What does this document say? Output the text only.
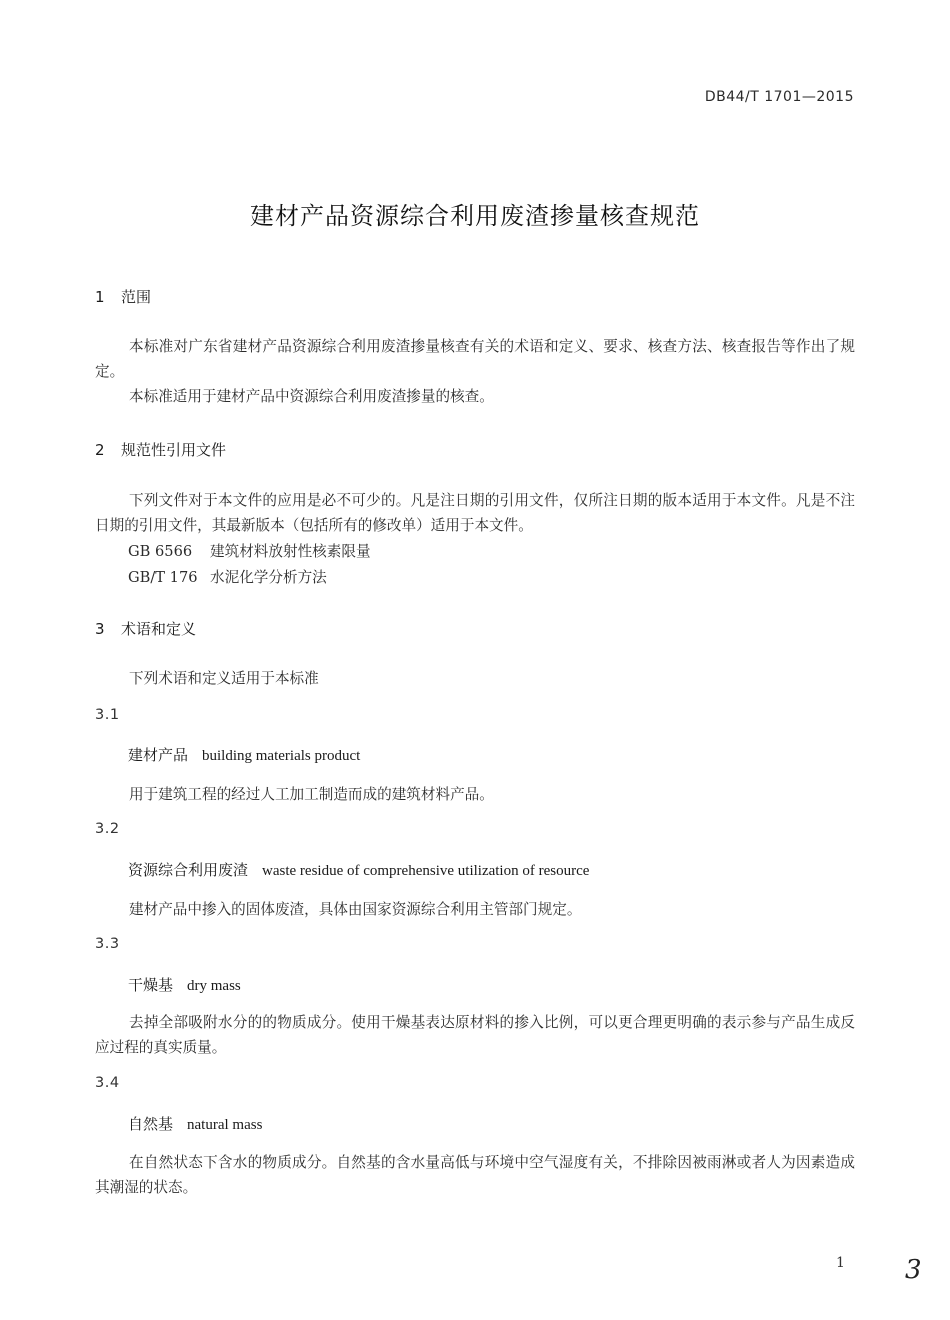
DB44/T 1701—2015
建材产品资源综合利用废渣掺量核查规范
1 范围

本标准对广东省建材产品资源综合利用废渣掺量核查有关的术语和定义、要求、核查方法、核查报告等作出了规定。

本标准适用于建材产品中资源综合利用废渣掺量的核查。

2 规范性引用文件

下列文件对于本文件的应用是必不可少的。凡是注日期的引用文件，仅所注日期的版本适用于本文件。凡是不注日期的引用文件，其最新版本（包括所有的修改单）适用于本文件。

GB 6566 建筑材料放射性核素限量
GB/T 176 水泥化学分析方法
3 术语和定义
下列术语和定义适用于本标准
3.1
建材产品 building materials product
用于建筑工程的经过人工加工制造而成的建筑材料产品。
3.2
资源综合利用废渣 waste residue of comprehensive utilization of resource
建材产品中掺入的固体废渣，具体由国家资源综合利用主管部门规定。
3.3
干燥基 dry mass

去掉全部吸附水分的的物质成分。使用干燥基表达原材料的掺入比例，可以更合理更明确的表示参与产品生成反应过程的真实质量。

3.4
自然基 natural mass

在自然状态下含水的物质成分。自然基的含水量高低与环境中空气湿度有关，不排除因被雨淋或者人为因素造成其潮湿的状态。

1 3
